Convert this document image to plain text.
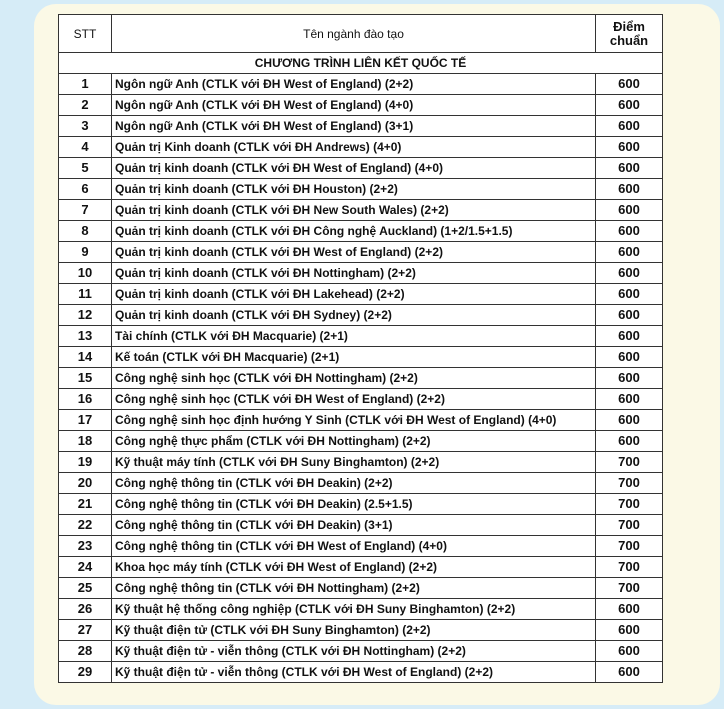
STT	Tên ngành đào tạo	Điểm
chuẩn
CHƯƠNG TRÌNH LIÊN KẾT QUỐC TẾ		
1	Ngôn ngữ Anh (CTLK với ĐH West of England) (2+2)	600
2	Ngôn ngữ Anh (CTLK với ĐH West of England) (4+0)	600
3	Ngôn ngữ Anh (CTLK với ĐH West of England) (3+1)	600
4	Quản trị Kinh doanh (CTLK với ĐH Andrews) (4+0)	600
5	Quản trị kinh doanh (CTLK với ĐH West of England) (4+0)	600
6	Quản trị kinh doanh (CTLK với ĐH Houston) (2+2)	600
7	Quản trị kinh doanh (CTLK với ĐH New South Wales) (2+2)	600
8	Quản trị kinh doanh (CTLK với ĐH Công nghệ Auckland) (1+2/1.5+1.5)	600
9	Quản trị kinh doanh (CTLK với ĐH West of England) (2+2)	600
10	Quản trị kinh doanh (CTLK với ĐH Nottingham) (2+2)	600
11	Quản trị kinh doanh (CTLK với ĐH Lakehead) (2+2)	600
12	Quản trị kinh doanh (CTLK với ĐH Sydney) (2+2)	600
13	Tài chính (CTLK với ĐH Macquarie) (2+1)	600
14	Kế toán (CTLK với ĐH Macquarie) (2+1)	600
15	Công nghệ sinh học (CTLK với ĐH Nottingham) (2+2)	600
16	Công nghệ sinh học (CTLK với ĐH West of England) (2+2)	600
17	Công nghệ sinh học định hướng Y Sinh (CTLK với ĐH West of England) (4+0)	600
18	Công nghệ thực phẩm (CTLK với ĐH Nottingham) (2+2)	600
19	Kỹ thuật máy tính (CTLK với ĐH Suny Binghamton) (2+2)	700
20	Công nghệ thông tin (CTLK với ĐH Deakin) (2+2)	700
21	Công nghệ thông tin (CTLK với ĐH Deakin) (2.5+1.5)	700
22	Công nghệ thông tin (CTLK với ĐH Deakin) (3+1)	700
23	Công nghệ thông tin (CTLK với ĐH West of England) (4+0)	700
24	Khoa học máy tính (CTLK với ĐH West of England) (2+2)	700
25	Công nghệ thông tin (CTLK với ĐH Nottingham) (2+2)	700
26	Kỹ thuật hệ thống công nghiệp (CTLK với ĐH Suny Binghamton) (2+2)	600
27	Kỹ thuật điện tử (CTLK với ĐH Suny Binghamton) (2+2)	600
28	Kỹ thuật điện tử - viễn thông (CTLK với ĐH Nottingham) (2+2)	600
29	Kỹ thuật điện tử - viễn thông (CTLK với ĐH West of England) (2+2)	600
